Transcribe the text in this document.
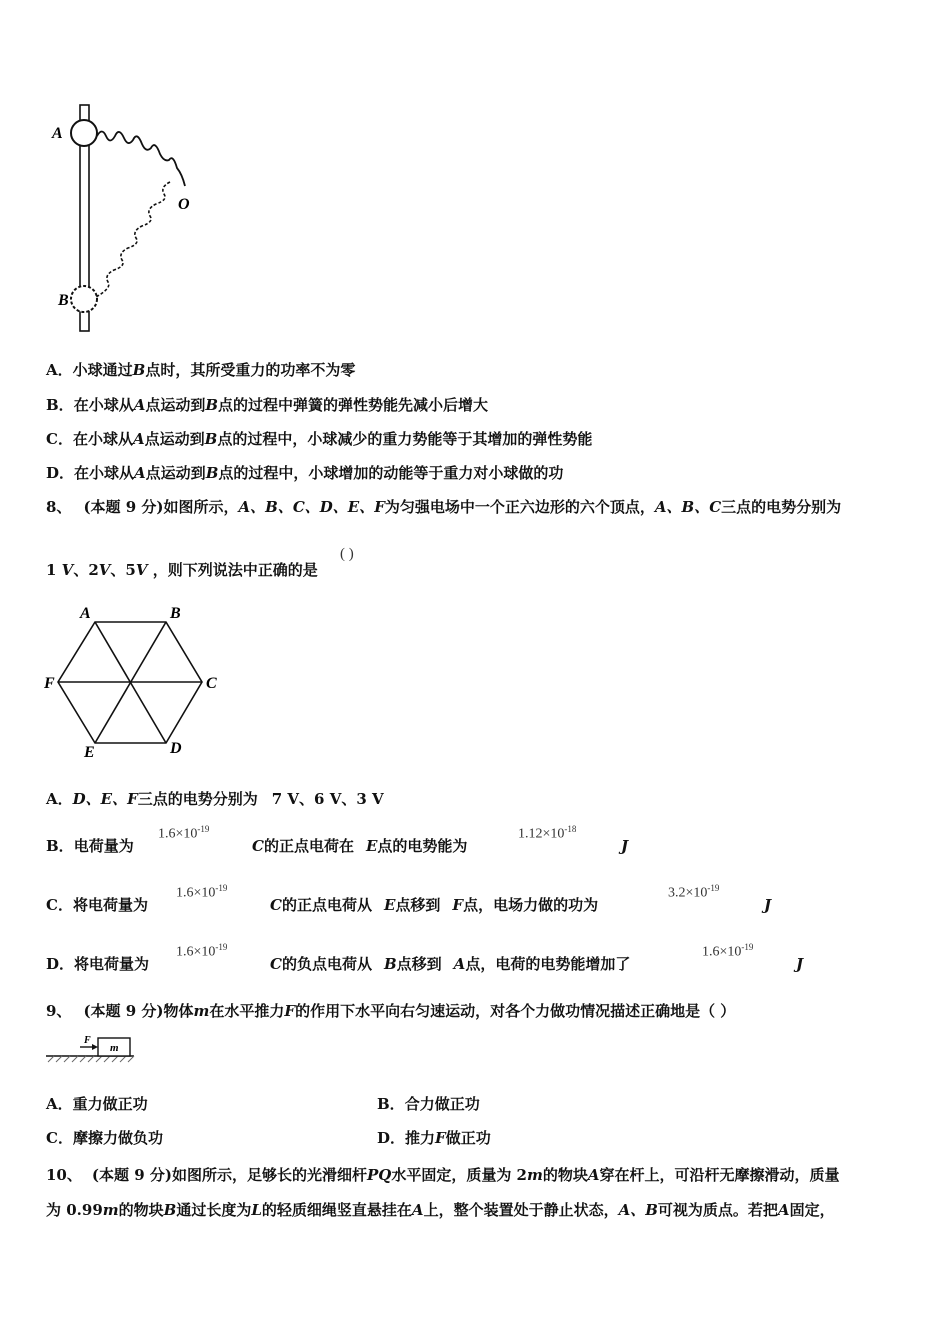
A
O
B
A．小球通过B点时，其所受重力的功率不为零
B．在小球从A点运动到B点的过程中弹簧的弹性势能先减小后增大
C．在小球从A点运动到B点的过程中，小球减少的重力势能等于其增加的弹性势能
D．在小球从A点运动到B点的过程中，小球增加的动能等于重力对小球做的功
8、 (本题 9 分)如图所示，A、B、C、D、E、F为匀强电场中一个正六边形的六个顶点，A、B、C三点的电势分别为
1 V、2V、5V ，则下列说法中正确的是
( )
A	B
C
D
E
F
A．D、E、F三点的电势分别为 7 V、6 V、3 V
B．电荷量为
$1.6\times 10^{-19}$
C的正点电荷在 E点的电势能为
$1.12\times 10^{-18}$
J
C．将电荷量为
$1.6\times 10^{-19}$
C的正点电荷从 E点移到 F点，电场力做的功为
$3.2\times 10^{-19}$
J
D．将电荷量为
$1.6\times 10^{-19}$
C的负点电荷从 B点移到 A点，电荷的电势能增加了
$1.6\times 10^{-19}$
J
9、 (本题 9 分)物体m在水平推力F的作用下水平向右匀速运动，对各个力做功情况描述正确地是（ ）
F
m
A．重力做正功	B．合力做正功
C．摩擦力做负功	D．推力F做正功
10、 (本题 9 分)如图所示，足够长的光滑细杆PQ水平固定，质量为 2m的物块A穿在杆上，可沿杆无摩擦滑动，质量
为 0.99m的物块B通过长度为L的轻质细绳竖直悬挂在A上，整个装置处于静止状态，A、B可视为质点。若把A固定，
